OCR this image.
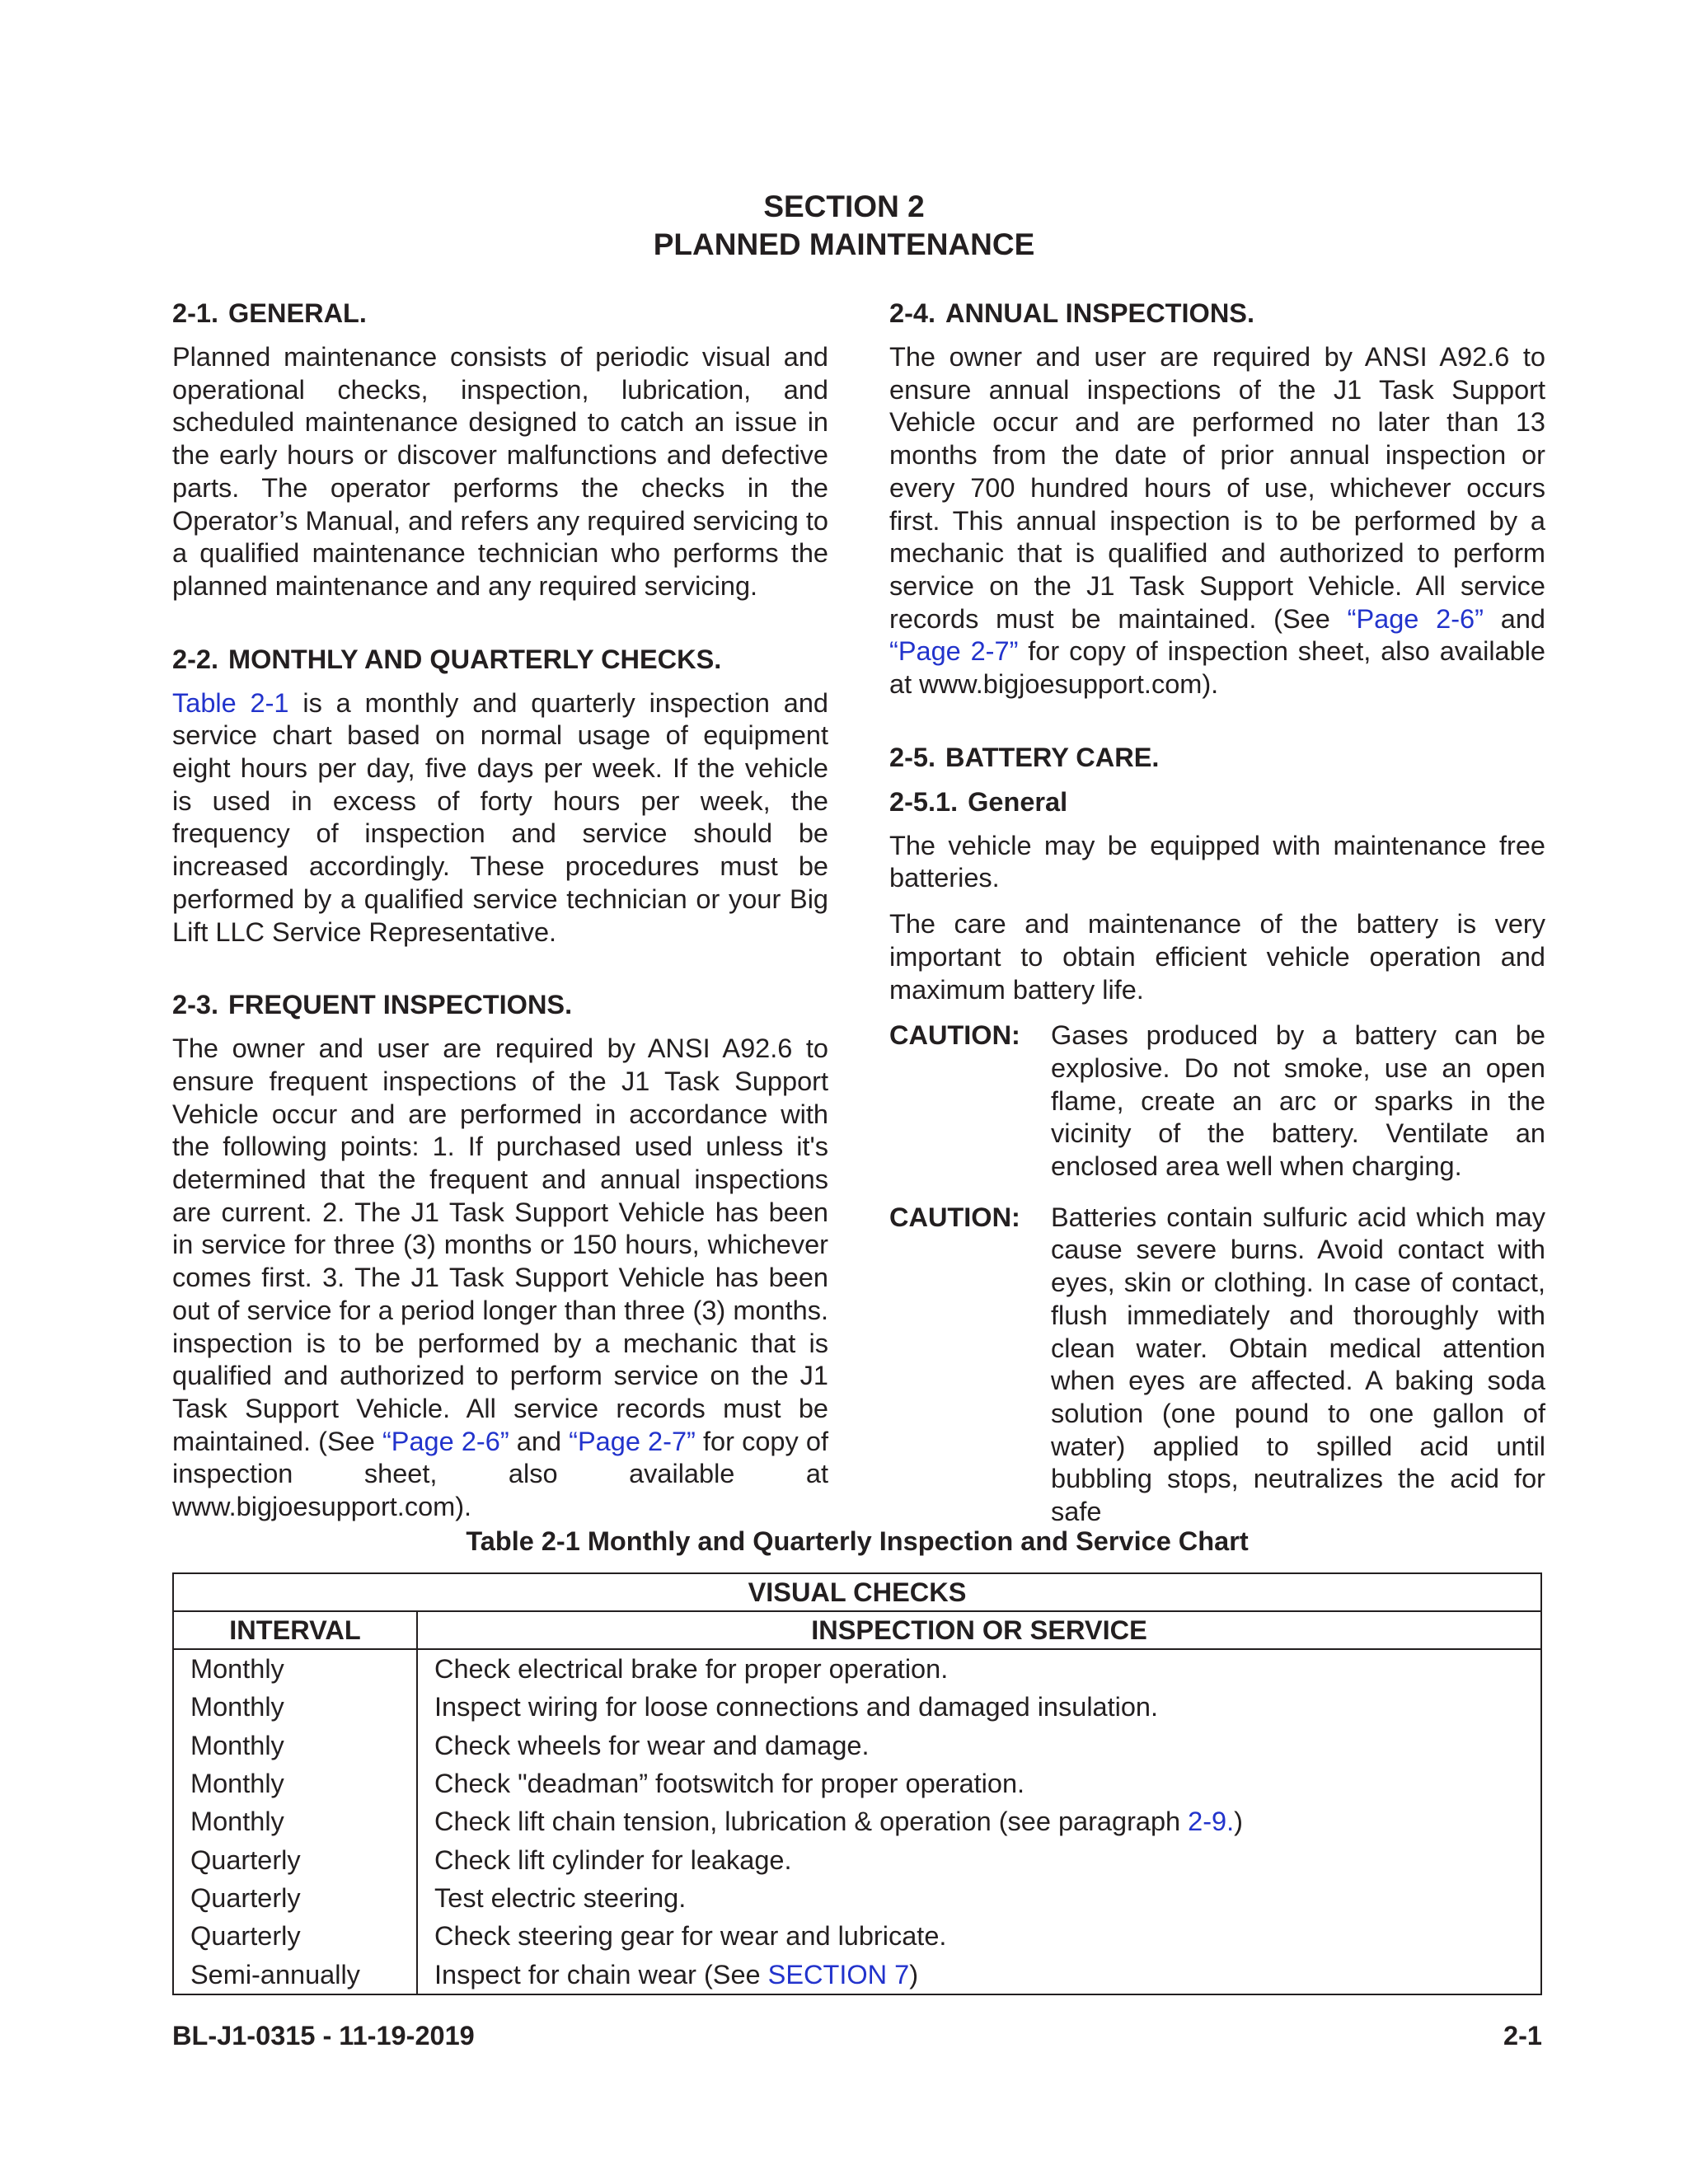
SECTION 2
PLANNED MAINTENANCE
2-1. GENERAL.

Planned maintenance consists of periodic visual and operational checks, inspection, lubrication, and scheduled maintenance designed to catch an issue in the early hours or discover malfunctions and defective parts. The operator performs the checks in the Operator’s Manual, and refers any required servicing to a qualified maintenance technician who performs the planned maintenance and any required servicing.

2-2. MONTHLY AND QUARTERLY CHECKS.

Table 2-1 is a monthly and quarterly inspection and service chart based on normal usage of equipment eight hours per day, five days per week. If the vehicle is used in excess of forty hours per week, the frequency of inspection and service should be increased accordingly. These procedures must be performed by a qualified service technician or your Big Lift LLC Service Representative.

2-3. FREQUENT INSPECTIONS.

The owner and user are required by ANSI A92.6 to ensure frequent inspections of the J1 Task Support Vehicle occur and are performed in accordance with the following points: 1. If purchased used unless it's determined that the frequent and annual inspections are current. 2. The J1 Task Support Vehicle has been in service for three (3) months or 150 hours, whichever comes first. 3. The J1 Task Support Vehicle has been out of service for a period longer than three (3) months. inspection is to be performed by a mechanic that is qualified and authorized to perform service on the J1 Task Support Vehicle. All service records must be maintained. (See “Page 2-6” and “Page 2-7” for copy of inspection sheet, also available at www.bigjoesupport.com).

2-4. ANNUAL INSPECTIONS.

The owner and user are required by ANSI A92.6 to ensure annual inspections of the J1 Task Support Vehicle occur and are performed no later than 13 months from the date of prior annual inspection or every 700 hundred hours of use, whichever occurs first. This annual inspection is to be performed by a mechanic that is qualified and authorized to perform service on the J1 Task Support Vehicle. All service records must be maintained. (See “Page 2-6” and “Page 2-7” for copy of inspection sheet, also available at www.bigjoesupport.com).

2-5. BATTERY CARE.
2-5.1. General

The vehicle may be equipped with maintenance free batteries.

The care and maintenance of the battery is very important to obtain efficient vehicle operation and maximum battery life.

CAUTION:	Gases produced by a battery can be explosive. Do not smoke, use an open flame, create an arc or sparks in the vicinity of the battery. Ventilate an enclosed area well when charging.
CAUTION:	Batteries contain sulfuric acid which may cause severe burns. Avoid contact with eyes, skin or clothing. In case of contact, flush immediately and thoroughly with clean water. Obtain medical attention when eyes are affected. A baking soda solution (one pound to one gallon of water) applied to spilled acid until bubbling stops, neutralizes the acid for safe
Table 2-1 Monthly and Quarterly Inspection and Service Chart
VISUAL CHECKS	
INTERVAL	INSPECTION OR SERVICE
Monthly	Check electrical brake for proper operation.
Monthly	Inspect wiring for loose connections and damaged insulation.
Monthly	Check wheels for wear and damage.
Monthly	Check "deadman” footswitch for proper operation.
Monthly	Check lift chain tension, lubrication & operation (see paragraph 2-9.)
Quarterly	Check lift cylinder for leakage.
Quarterly	Test electric steering.
Quarterly	Check steering gear for wear and lubricate.
Semi-annually	Inspect for chain wear (See SECTION 7)
BL-J1-0315 - 11-19-2019	2-1
